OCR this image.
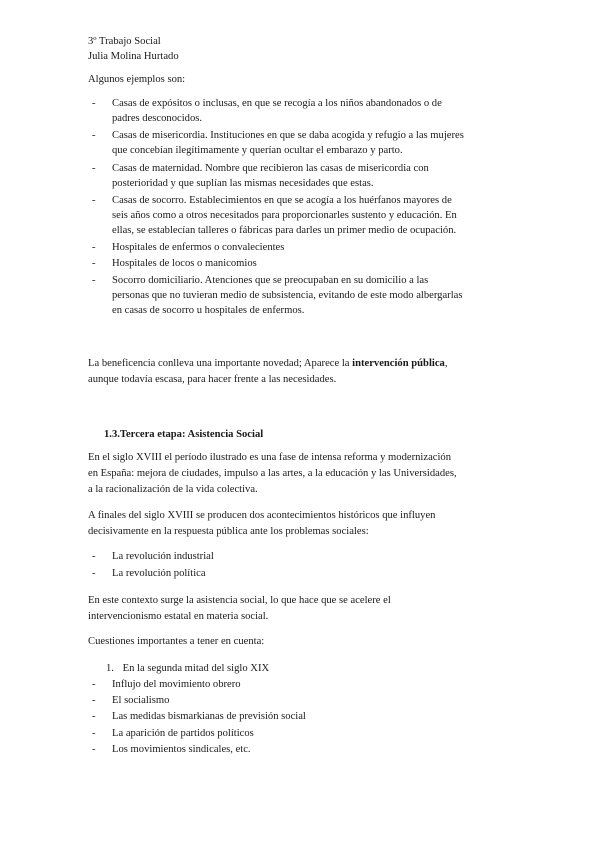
3º Trabajo Social
Julia Molina Hurtado
Algunos ejemplos son:
- Casas de expósitos o inclusas, en que se recogía a los niños abandonados o de
padres desconocidos.
- Casas de misericordia. Instituciones en que se daba acogida y refugio a las mujeres
que concebían ilegítimamente y querían ocultar el embarazo y parto.
- Casas de maternidad. Nombre que recibieron las casas de misericordia con
posterioridad y que suplían las mismas necesidades que estas.
- Casas de socorro. Establecimientos en que se acogía a los huérfanos mayores de
seis años como a otros necesitados para proporcionarles sustento y educación. En
ellas, se establecían talleres o fábricas para darles un primer medio de ocupación.
- Hospitales de enfermos o convalecientes
- Hospitales de locos o manicomios
- Socorro domiciliario. Atenciones que se preocupaban en su domicilio a las
personas que no tuvieran medio de subsistencia, evitando de este modo albergarlas
en casas de socorro u hospitales de enfermos.
La beneficencia conlleva una importante novedad; Aparece la intervención pública,
aunque todavía escasa, para hacer frente a las necesidades.
1.3.Tercera etapa: Asistencia Social
En el siglo XVIII el período ilustrado es una fase de intensa reforma y modernización
en España: mejora de ciudades, impulso a las artes, a la educación y las Universidades,
a la racionalización de la vida colectiva.
A finales del siglo XVIII se producen dos acontecimientos históricos que influyen
decisivamente en la respuesta pública ante los problemas sociales:
- La revolución industrial
- La revolución política
En este contexto surge la asistencia social, lo que hace que se acelere el
intervencionismo estatal en materia social.
Cuestiones importantes a tener en cuenta:
1. En la segunda mitad del siglo XIX
- Influjo del movimiento obrero
- El socialismo
- Las medidas bismarkianas de previsión social
- La aparición de partidos políticos
- Los movimientos sindicales, etc.
